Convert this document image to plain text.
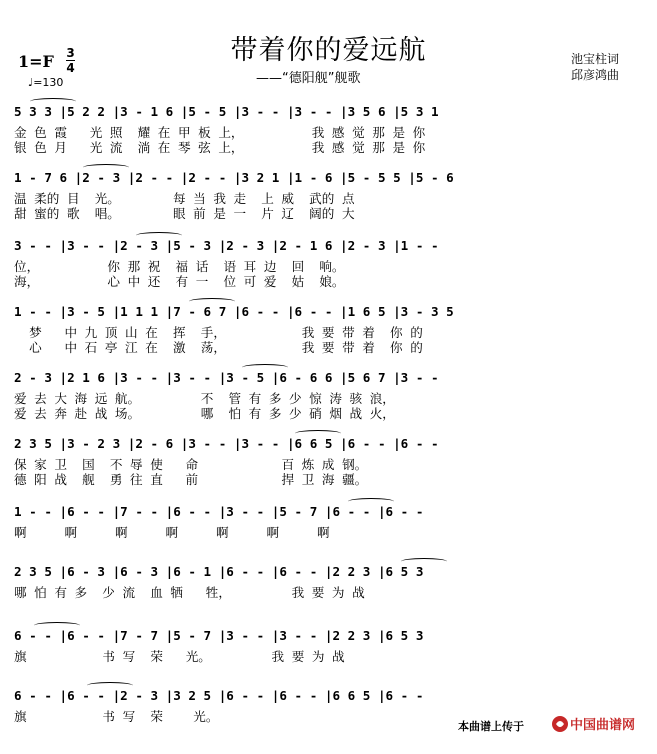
带着你的爱远航
——“德阳舰”舰歌
池宝柱词
邱彦鸿曲
1=F 3
4
♩=130
5 3 3 |5 2 2 |3 - 1 6 |5 - 5 |3 - - |3 - - |3 5 6 |5 3 1
金 色 霞   光 照  耀 在 甲 板 上，         我 感 觉 那 是 你
银 色 月   光 流  淌 在 琴 弦 上，         我 感 觉 那 是 你
1 - 7 6 |2 - 3 |2 - - |2 - - |3 2 1 |1 - 6 |5 - 5 5 |5 - 6
温 柔的 目  光。       每 当 我 走  上 威  武的 点
甜 蜜的 歌  唱。       眼 前 是 一  片 辽  阔的 大
3 - - |3 - - |2 - 3 |5 - 3 |2 - 3 |2 - 1 6 |2 - 3 |1 - -
位，         你 那 祝  福 话  语 耳 边  回  响。
海，         心 中 还  有 一  位 可 爱  姑  娘。
1 - - |3 - 5 |1 1 1 |7 - 6 7 |6 - - |6 - - |1 6 5 |3 - 3 5
梦   中 九 顶 山 在  挥  手，          我 要 带 着  你 的
心   中 石 亭 江 在  激  荡，          我 要 带 着  你 的
2 - 3 |2 1 6 |3 - - |3 - - |3 - 5 |6 - 6 6 |5 6 7 |3 - -
爱 去 大 海 远 航。        不  管 有 多 少 惊 涛 骇 浪，
爱 去 奔 赴 战 场。        哪  怕 有 多 少 硝 烟 战 火，
2 3 5 |3 - 2 3 |2 - 6 |3 - - |3 - - |6 6 5 |6 - - |6 - -
保 家 卫  国  不 辱 使   命           百 炼 成 钢。
德 阳 战  舰  勇 往 直   前           捍 卫 海 疆。
1 - - |6 - - |7 - - |6 - - |3 - - |5 - 7 |6 - - |6 - -
啊     啊     啊     啊     啊     啊     啊
2 3 5 |6 - 3 |6 - 3 |6 - 1 |6 - - |6 - - |2 2 3 |6 5 3
哪 怕 有 多  少 流  血 牺   牲，        我 要 为 战
6 - - |6 - - |7 - 7 |5 - 7 |3 - - |3 - - |2 2 3 |6 5 3
旗          书 写  荣   光。        我 要 为 战
6 - - |6 - - |2 - 3 |3 2 5 |6 - - |6 - - |6 6 5 |6 - -
旗          书 写  荣    光。
本曲谱上传于	中国曲谱网
